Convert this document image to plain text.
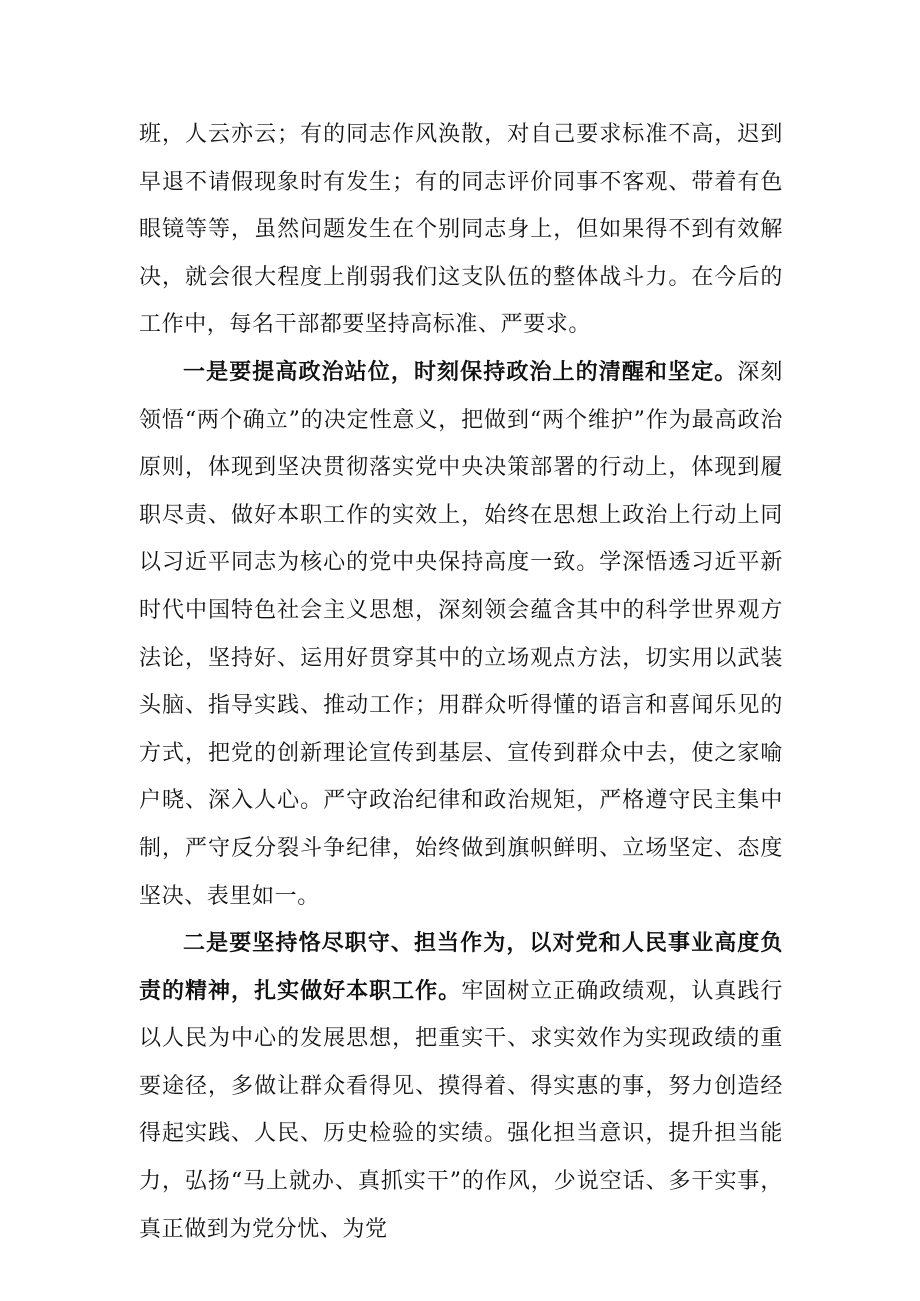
班，人云亦云；有的同志作风涣散，对自己要求标准不高，迟到早退不请假现象时有发生；有的同志评价同事不客观、带着有色眼镜等等，虽然问题发生在个别同志身上，但如果得不到有效解决，就会很大程度上削弱我们这支队伍的整体战斗力。在今后的工作中，每名干部都要坚持高标准、严要求。

一是要提高政治站位，时刻保持政治上的清醒和坚定。深刻领悟“两个确立”的决定性意义，把做到“两个维护”作为最高政治原则，体现到坚决贯彻落实党中央决策部署的行动上，体现到履职尽责、做好本职工作的实效上，始终在思想上政治上行动上同以习近平同志为核心的党中央保持高度一致。学深悟透习近平新时代中国特色社会主义思想，深刻领会蕴含其中的科学世界观方法论，坚持好、运用好贯穿其中的立场观点方法，切实用以武装头脑、指导实践、推动工作；用群众听得懂的语言和喜闻乐见的方式，把党的创新理论宣传到基层、宣传到群众中去，使之家喻户晓、深入人心。严守政治纪律和政治规矩，严格遵守民主集中制，严守反分裂斗争纪律，始终做到旗帜鲜明、立场坚定、态度坚决、表里如一。

二是要坚持恪尽职守、担当作为，以对党和人民事业高度负责的精神，扎实做好本职工作。牢固树立正确政绩观，认真践行以人民为中心的发展思想，把重实干、求实效作为实现政绩的重要途径，多做让群众看得见、摸得着、得实惠的事，努力创造经得起实践、人民、历史检验的实绩。强化担当意识，提升担当能力，弘扬“马上就办、真抓实干”的作风，少说空话、多干实事，真正做到为党分忧、为党
